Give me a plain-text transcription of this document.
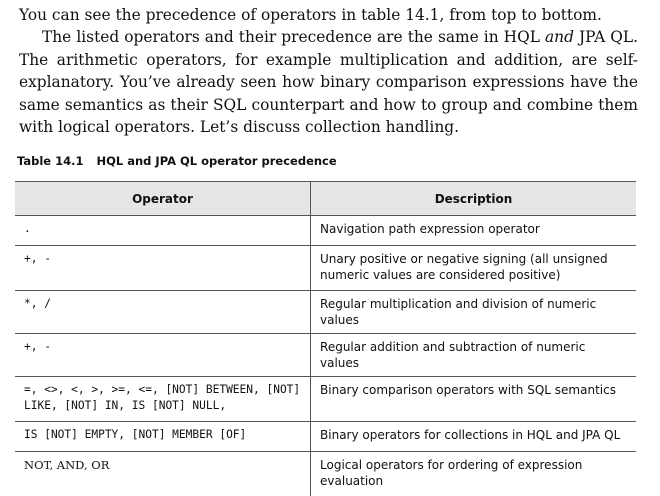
You can see the precedence of operators in table 14.1, from top to bottom.

The listed operators and their precedence are the same in HQL and JPA QL. The arithmetic operators, for example multiplication and addition, are self-explanatory. You’ve already seen how binary comparison expressions have the same semantics as their SQL counterpart and how to group and combine them with logical operators. Let’s discuss collection handling.

Table 14.1 HQL and JPA QL operator precedence
Operator	Description
.	Navigation path expression operator
+, -	Unary positive or negative signing (all unsigned numeric values are considered positive)
*, /	Regular multiplication and division of numeric values
+, -	Regular addition and subtraction of numeric values
=, <>, <, >, >=, <=, [NOT] BETWEEN, [NOT] LIKE, [NOT] IN, IS [NOT] NULL,	Binary comparison operators with SQL semantics
IS [NOT] EMPTY, [NOT] MEMBER [OF]	Binary operators for collections in HQL and JPA QL
NOT, AND, OR	Logical operators for ordering of expression evaluation
